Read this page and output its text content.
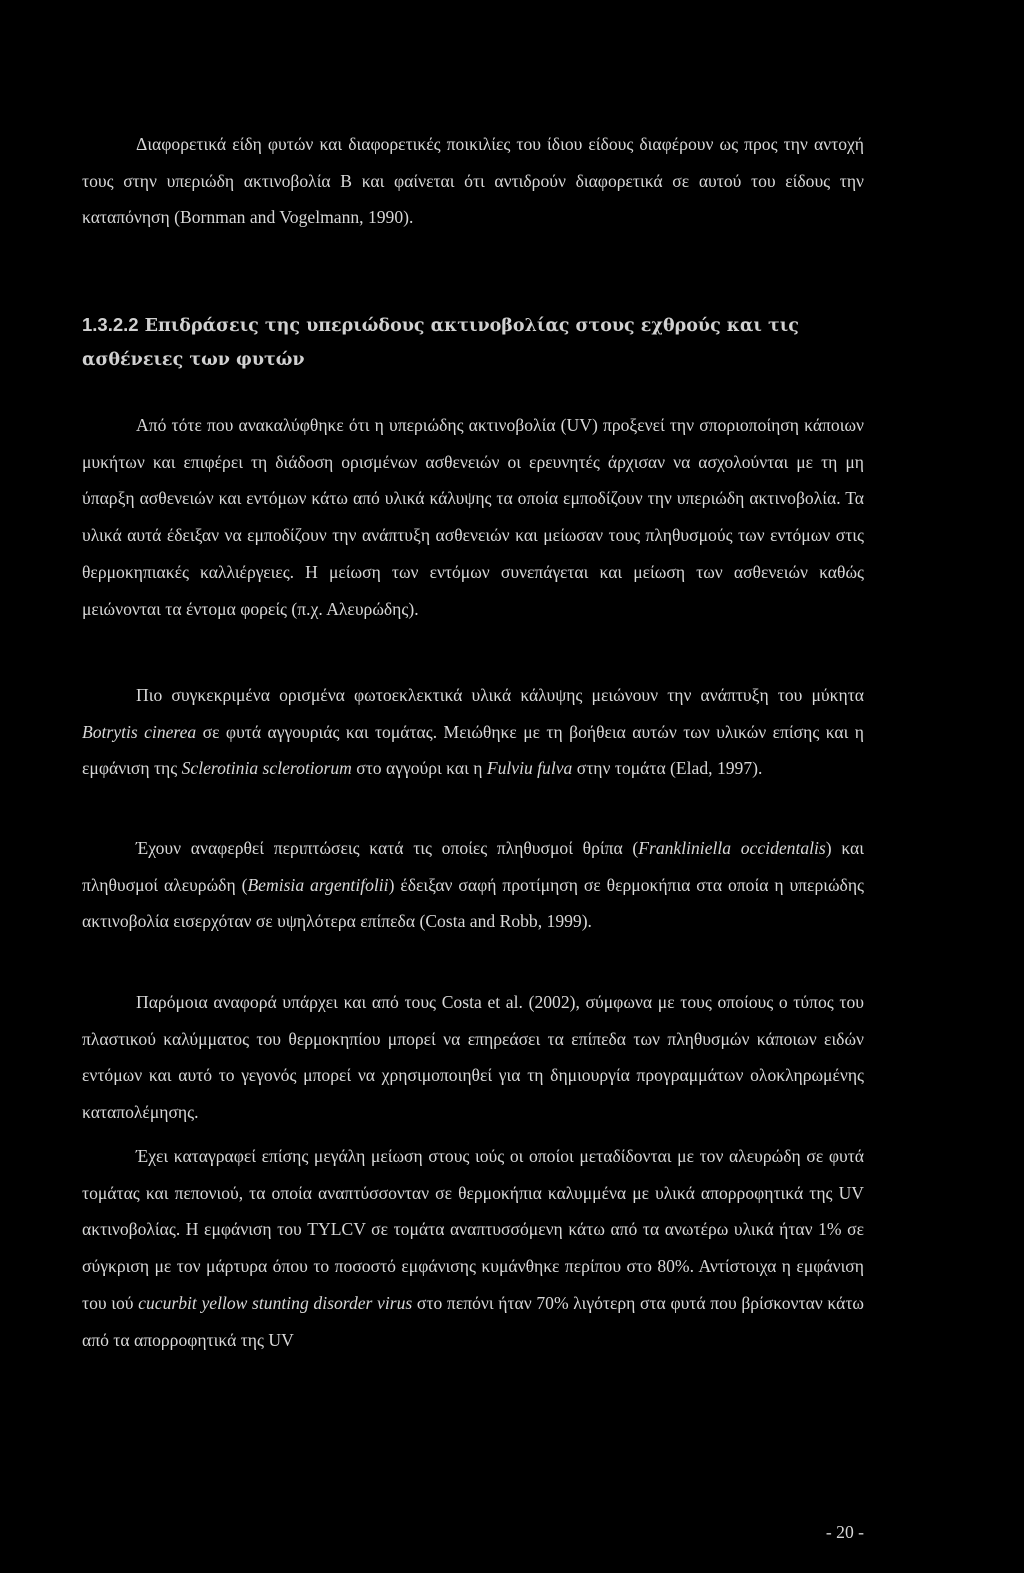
Διαφορετικά είδη φυτών και διαφορετικές ποικιλίες του ίδιου είδους διαφέρουν ως προς την αντοχή τους στην υπεριώδη ακτινοβολία Β και φαίνεται ότι αντιδρούν διαφορετικά σε αυτού του είδους την καταπόνηση (Bornman and Vogelmann, 1990).

1.3.2.2 Επιδράσεις της υπεριώδους ακτινοβολίας στους εχθρούς και τις ασθένειες των φυτών

Από τότε που ανακαλύφθηκε ότι η υπεριώδης ακτινοβολία (UV) προξενεί την σποριοποίηση κάποιων μυκήτων και επιφέρει τη διάδοση ορισμένων ασθενειών οι ερευνητές άρχισαν να ασχολούνται με τη μη ύπαρξη ασθενειών και εντόμων κάτω από υλικά κάλυψης τα οποία εμποδίζουν την υπεριώδη ακτινοβολία. Τα υλικά αυτά έδειξαν να εμποδίζουν την ανάπτυξη ασθενειών και μείωσαν τους πληθυσμούς των εντόμων στις θερμοκηπιακές καλλιέργειες. Η μείωση των εντόμων συνεπάγεται και μείωση των ασθενειών καθώς μειώνονται τα έντομα φορείς (π.χ. Αλευρώδης).

Πιο συγκεκριμένα ορισμένα φωτοεκλεκτικά υλικά κάλυψης μειώνουν την ανάπτυξη του μύκητα Botrytis cinerea σε φυτά αγγουριάς και τομάτας. Μειώθηκε με τη βοήθεια αυτών των υλικών επίσης και η εμφάνιση της Sclerotinia sclerotiorum στο αγγούρι και η Fulviu fulva στην τομάτα (Elad, 1997).

Έχουν αναφερθεί περιπτώσεις κατά τις οποίες πληθυσμοί θρίπα (Frankliniella occidentalis) και πληθυσμοί αλευρώδη (Bemisia argentifolii) έδειξαν σαφή προτίμηση σε θερμοκήπια στα οποία η υπεριώδης ακτινοβολία εισερχόταν σε υψηλότερα επίπεδα (Costa and Robb, 1999).

Παρόμοια αναφορά υπάρχει και από τους Costa et al. (2002), σύμφωνα με τους οποίους ο τύπος του πλαστικού καλύμματος του θερμοκηπίου μπορεί να επηρεάσει τα επίπεδα των πληθυσμών κάποιων ειδών εντόμων και αυτό το γεγονός μπορεί να χρησιμοποιηθεί για τη δημιουργία προγραμμάτων ολοκληρωμένης καταπολέμησης.

Έχει καταγραφεί επίσης μεγάλη μείωση στους ιούς οι οποίοι μεταδίδονται με τον αλευρώδη σε φυτά τομάτας και πεπονιού, τα οποία αναπτύσσονταν σε θερμοκήπια καλυμμένα με υλικά απορροφητικά της UV ακτινοβολίας. Η εμφάνιση του TYLCV σε τομάτα αναπτυσσόμενη κάτω από τα ανωτέρω υλικά ήταν 1% σε σύγκριση με τον μάρτυρα όπου το ποσοστό εμφάνισης κυμάνθηκε περίπου στο 80%. Αντίστοιχα η εμφάνιση του ιού cucurbit yellow stunting disorder virus στο πεπόνι ήταν 70% λιγότερη στα φυτά που βρίσκονταν κάτω από τα απορροφητικά της UV

- 20 -
